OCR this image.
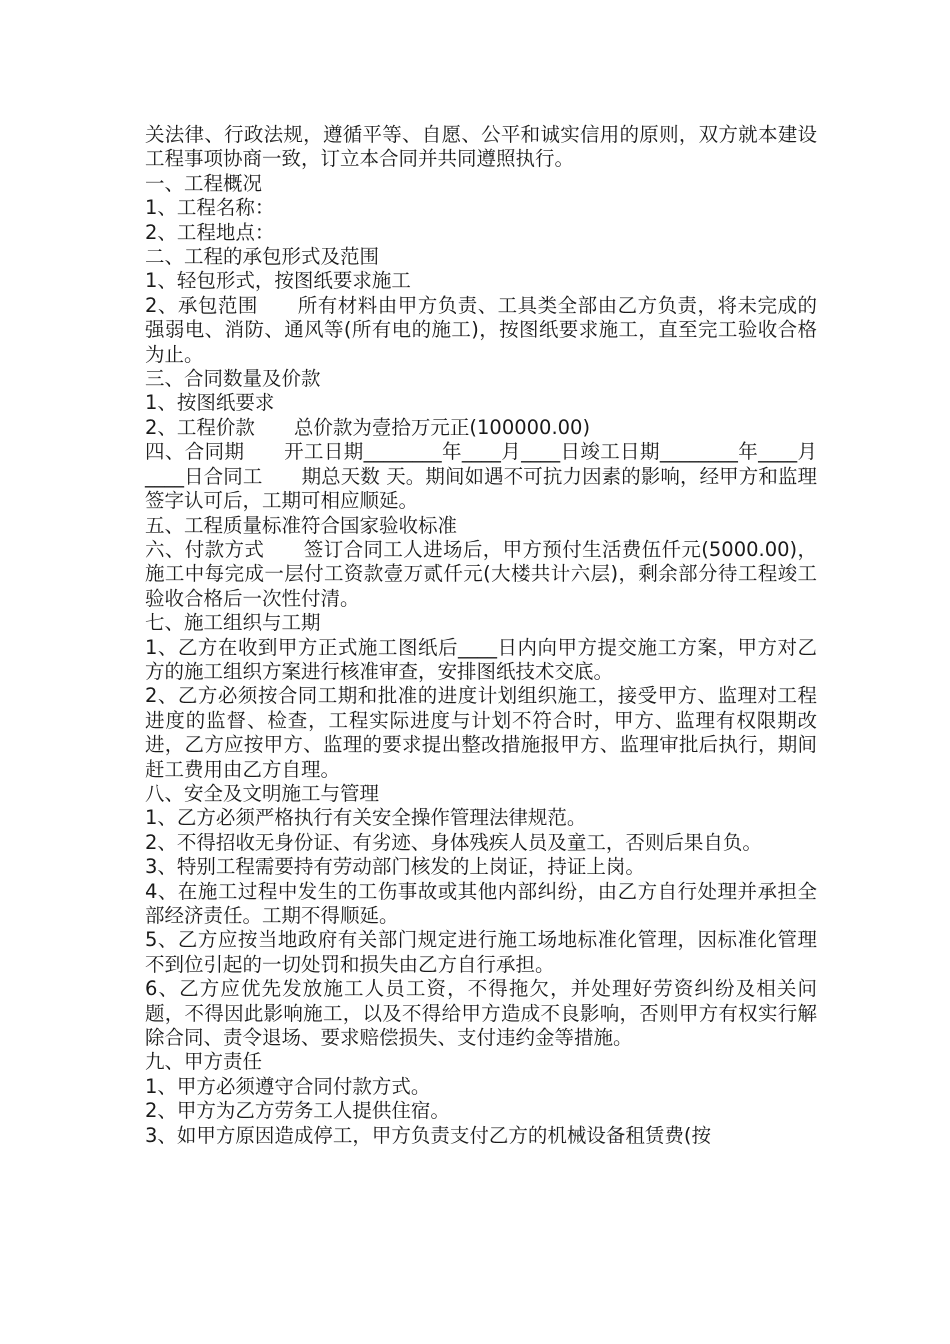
关法律、行政法规，遵循平等、自愿、公平和诚实信用的原则，双方就本建设工程事项协商一致，订立本合同并共同遵照执行。

一、工程概况

1、工程名称：

2、工程地点：

二、工程的承包形式及范围

1、轻包形式，按图纸要求施工

2、承包范围　　所有材料由甲方负责、工具类全部由乙方负责，将未完成的强弱电、消防、通风等(所有电的施工)，按图纸要求施工，直至完工验收合格为止。

三、合同数量及价款

1、按图纸要求

2、工程价款　　总价款为壹拾万元正(100000.00)

四、合同期　　开工日期________年____月____日竣工日期________年____月____日合同工　　期总天数 天。期间如遇不可抗力因素的影响，经甲方和监理签字认可后，工期可相应顺延。

五、工程质量标准符合国家验收标准

六、付款方式　　签订合同工人进场后，甲方预付生活费伍仟元(5000.00)，施工中每完成一层付工资款壹万贰仟元(大楼共计六层)，剩余部分待工程竣工验收合格后一次性付清。

七、施工组织与工期

1、乙方在收到甲方正式施工图纸后____日内向甲方提交施工方案，甲方对乙方的施工组织方案进行核准审查，安排图纸技术交底。

2、乙方必须按合同工期和批准的进度计划组织施工，接受甲方、监理对工程进度的监督、检查，工程实际进度与计划不符合时，甲方、监理有权限期改进，乙方应按甲方、监理的要求提出整改措施报甲方、监理审批后执行，期间赶工费用由乙方自理。

八、安全及文明施工与管理

1、乙方必须严格执行有关安全操作管理法律规范。

2、不得招收无身份证、有劣迹、身体残疾人员及童工，否则后果自负。

3、特别工程需要持有劳动部门核发的上岗证，持证上岗。

4、在施工过程中发生的工伤事故或其他内部纠纷，由乙方自行处理并承担全部经济责任。工期不得顺延。

5、乙方应按当地政府有关部门规定进行施工场地标准化管理，因标准化管理不到位引起的一切处罚和损失由乙方自行承担。

6、乙方应优先发放施工人员工资，不得拖欠，并处理好劳资纠纷及相关问题，不得因此影响施工，以及不得给甲方造成不良影响，否则甲方有权实行解除合同、责令退场、要求赔偿损失、支付违约金等措施。

九、甲方责任

1、甲方必须遵守合同付款方式。

2、甲方为乙方劳务工人提供住宿。

3、如甲方原因造成停工，甲方负责支付乙方的机械设备租赁费(按
